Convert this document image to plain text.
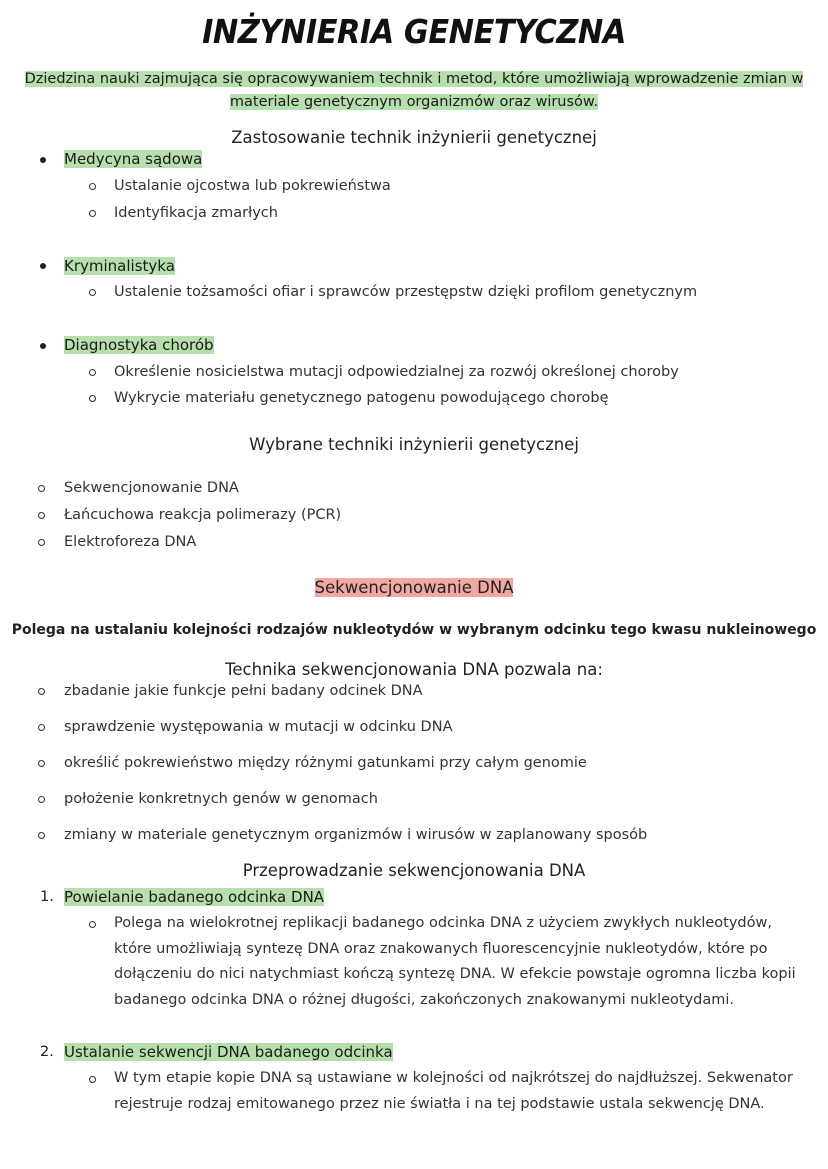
INŻYNIERIA GENETYCZNA
Dziedzina nauki zajmująca się opracowywaniem technik i metod, które umożliwiają wprowadzenie zmian w materiale genetycznym organizmów oraz wirusów.
Zastosowanie technik inżynierii genetycznej
Medycyna sądowa
Ustalanie ojcostwa lub pokrewieństwa
Identyfikacja zmarłych
Kryminalistyka
Ustalenie tożsamości ofiar i sprawców przestępstw dzięki profilom genetycznym
Diagnostyka chorób
Określenie nosicielstwa mutacji odpowiedzialnej za rozwój określonej choroby
Wykrycie materiału genetycznego patogenu powodującego chorobę
Wybrane techniki inżynierii genetycznej
Sekwencjonowanie DNA
Łańcuchowa reakcja polimerazy (PCR)
Elektroforeza DNA
Sekwencjonowanie DNA
Polega na ustalaniu kolejności rodzajów nukleotydów w wybranym odcinku tego kwasu nukleinowego
Technika sekwencjonowania DNA pozwala na:
zbadanie jakie funkcje pełni badany odcinek DNA
sprawdzenie występowania w mutacji w odcinku DNA
określić pokrewieństwo między różnymi gatunkami przy całym genomie
położenie konkretnych genów w genomach
zmiany w materiale genetycznym organizmów i wirusów w zaplanowany sposób
Przeprowadzanie sekwencjonowania DNA
1. Powielanie badanego odcinka DNA
Polega na wielokrotnej replikacji badanego odcinka DNA z użyciem zwykłych nukleotydów, które umożliwiają syntezę DNA oraz znakowanych fluorescencyjnie nukleotydów, które po dołączeniu do nici natychmiast kończą syntezę DNA. W efekcie powstaje ogromna liczba kopii badanego odcinka DNA o różnej długości, zakończonych znakowanymi nukleotydami.
2. Ustalanie sekwencji DNA badanego odcinka
W tym etapie kopie DNA są ustawiane w kolejności od najkrótszej do najdłuższej. Sekwenator rejestruje rodzaj emitowanego przez nie światła i na tej podstawie ustala sekwencję DNA.
